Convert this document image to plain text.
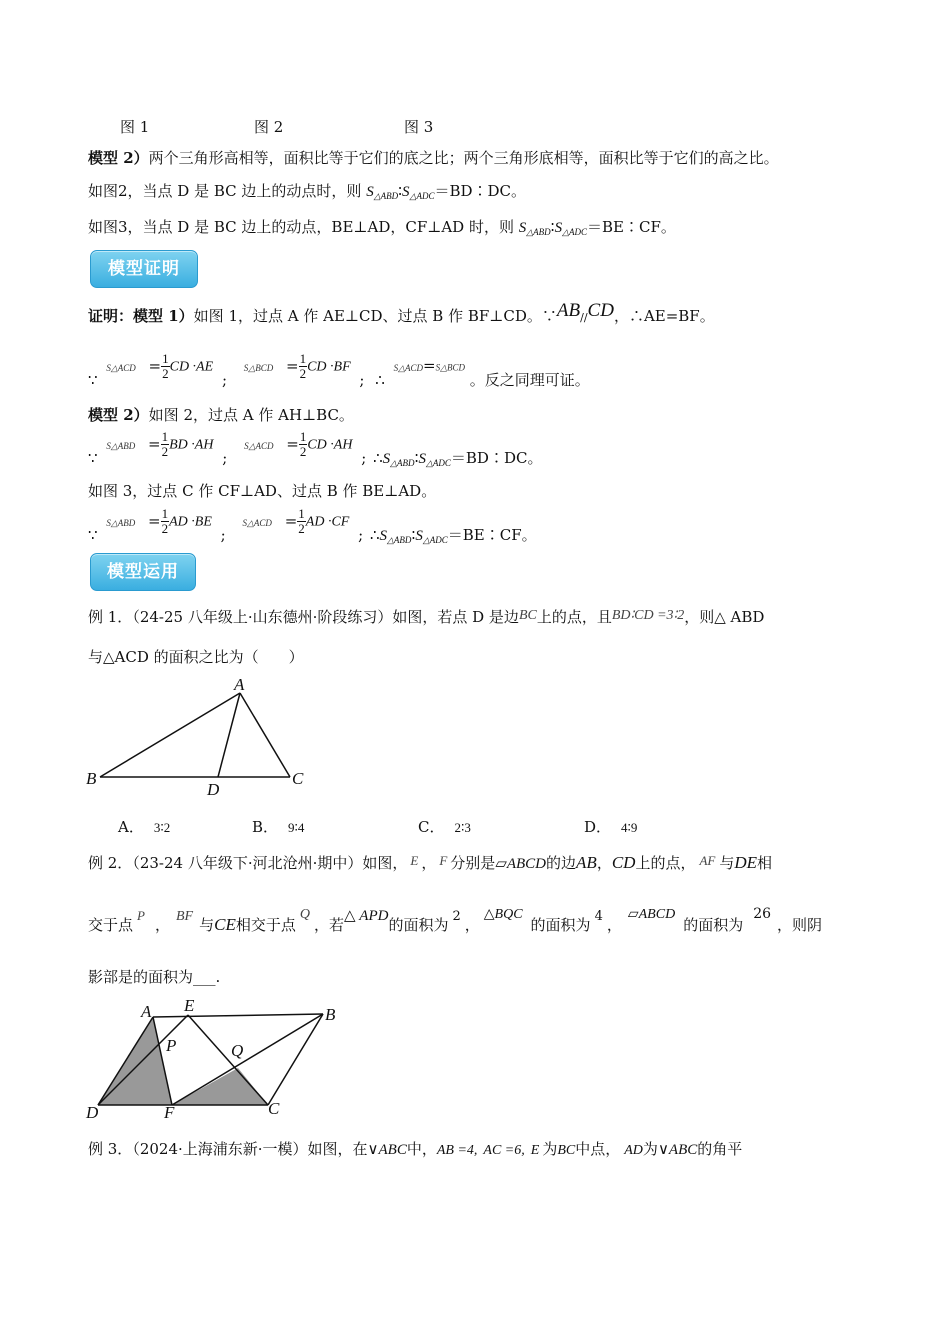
图 1	图 2	图 3
模型 2）两个三角形高相等，面积比等于它们的底之比；两个三角形底相等，面积比等于它们的高之比。
如图2，当点 D 是 BC 边上的动点时，则 $S_{\triangle ABD}∶S_{\triangle ADC}=BD∶DC$。
如图3，当点 D 是 BC 边上的动点，BE⊥AD，CF⊥AD 时，则 $S_{\triangle ABD}∶S_{\triangle ADC}=BE∶CF$。
模型证明
证明：模型 1）如图 1，过点 A 作 AE⊥CD、过点 B 作 BF⊥CD。∵AB//CD，∴AE=BF。
∵ S△ACD = $\frac{1}{2}$ CD ·AE ; S△BCD = $\frac{1}{2}$ CD ·BF ; ∴ S△ACD=S△BCD 。反之同理可证。
模型 2）如图 2，过点 A 作 AH⊥BC。
∵ S△ABD = $\frac{1}{2}$ BD ·AH ; S△ACD = $\frac{1}{2}$ CD ·AH ; $\therefore S_{\triangle ABD}∶S_{\triangle ADC}=BD∶DC$。
如图 3，过点 C 作 CF⊥AD、过点 B 作 BE⊥AD。
∵ S△ABD = $\frac{1}{2}$ AD ·BE ; S△ACD = $\frac{1}{2}$ AD ·CF ; $\therefore S_{\triangle ABD}∶S_{\triangle ADC}=BE∶CF$。
模型运用
例 1．（24-25 八年级上·山东德州·阶段练习）如图，若点 D 是边BC上的点，且BD∶CD =3∶2，则△ ABD
与△ACD 的面积之比为（　　）
A
B	C
D
A． 3∶2	B． 9∶4	C． 2∶3	D． 4∶9
例 2．（23-24 八年级下·河北沧州·期中）如图， E ， F 分别是▱ABCD的边AB，CD上的点， AF 与DE相
交于点P， BF 与CE相交于点Q，若△ APD的面积为 2 ，△BQC的面积为 4 ，▱ABCD的面积为26，则阴
影部是的面积为___.
A E	B
P	Q
D	F	C
例 3．（2024·上海浦东新·一模）如图，在∨ABC中，AB =4, AC =6, E 为BC中点， AD为∨ABC的角平
